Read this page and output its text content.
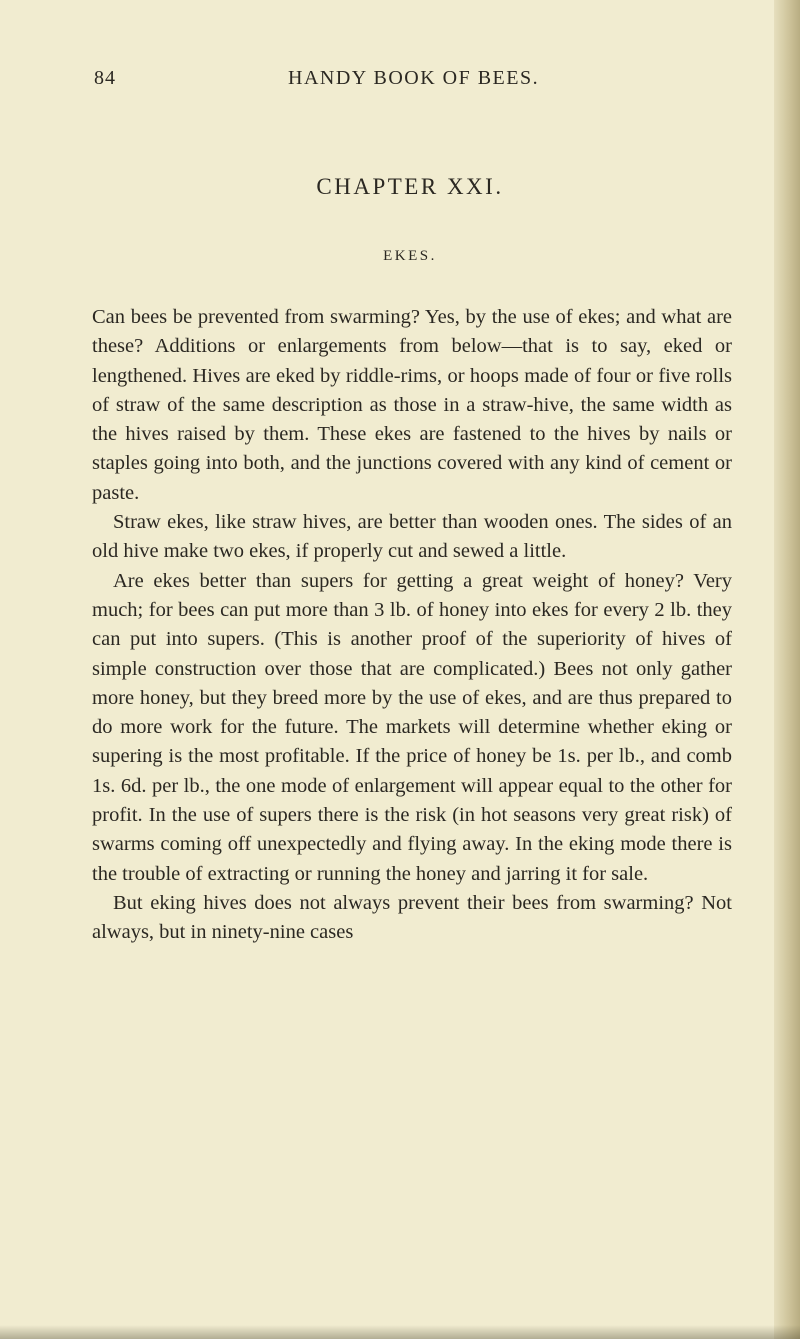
84	HANDY BOOK OF BEES.
CHAPTER XXI.
EKES.

Can bees be prevented from swarming? Yes, by the use of ekes; and what are these? Additions or enlargements from below—that is to say, eked or lengthened. Hives are eked by riddle-rims, or hoops made of four or five rolls of straw of the same description as those in a straw-hive, the same width as the hives raised by them. These ekes are fastened to the hives by nails or staples going into both, and the junctions covered with any kind of cement or paste.

Straw ekes, like straw hives, are better than wooden ones. The sides of an old hive make two ekes, if properly cut and sewed a little.

Are ekes better than supers for getting a great weight of honey? Very much; for bees can put more than 3 lb. of honey into ekes for every 2 lb. they can put into supers. (This is another proof of the superiority of hives of simple construction over those that are complicated.) Bees not only gather more honey, but they breed more by the use of ekes, and are thus prepared to do more work for the future. The markets will determine whether eking or supering is the most profitable. If the price of honey be 1s. per lb., and comb 1s. 6d. per lb., the one mode of enlargement will appear equal to the other for profit. In the use of supers there is the risk (in hot seasons very great risk) of swarms coming off unexpectedly and flying away. In the eking mode there is the trouble of extracting or running the honey and jarring it for sale.

But eking hives does not always prevent their bees from swarming? Not always, but in ninety-nine cases
